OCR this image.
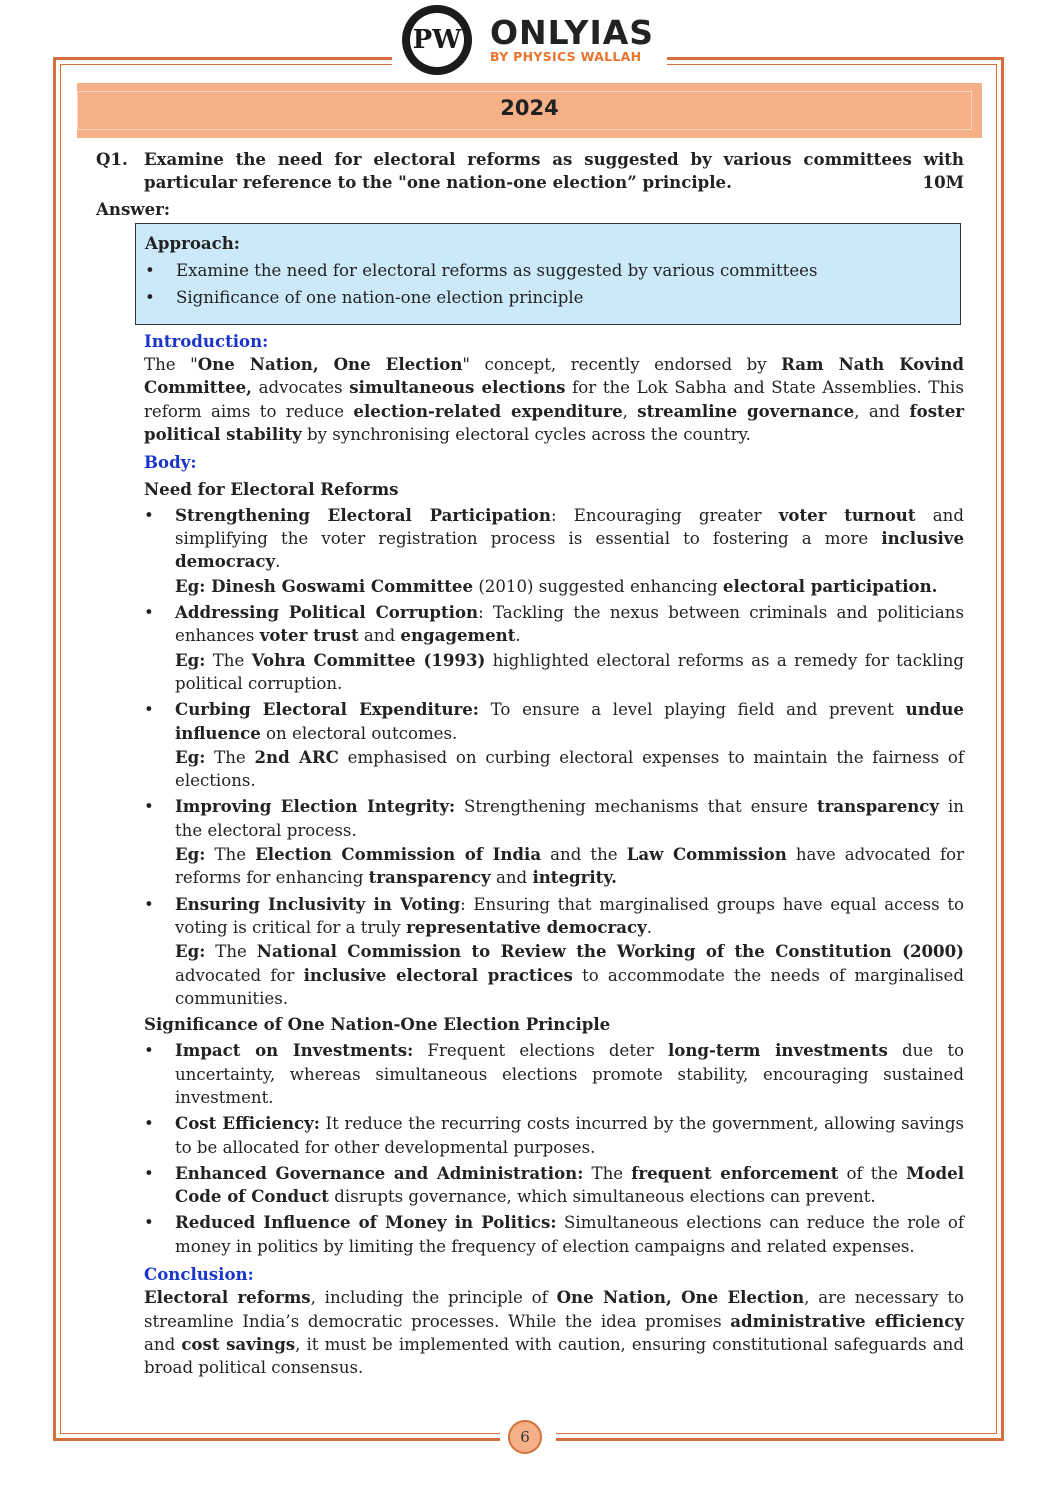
PW ONLYIAS
BY PHYSICS WALLAH
2024
Q1. Examine the need for electoral reforms as suggested by various committees with
particular reference to the "one nation-one election” principle.	10M
Answer:
Approach:
• Examine the need for electoral reforms as suggested by various committees
• Significance of one nation-one election principle
Introduction:
The "One Nation, One Election" concept, recently endorsed by Ram Nath Kovind Committee, advocates simultaneous elections for the Lok Sabha and State Assemblies. This reform aims to reduce election-related expenditure, streamline governance, and foster political stability by synchronising electoral cycles across the country.
Body:
Need for Electoral Reforms
• Strengthening Electoral Participation: Encouraging greater voter turnout and simplifying the voter registration process is essential to fostering a more inclusive democracy.
Eg: Dinesh Goswami Committee (2010) suggested enhancing electoral participation.
• Addressing Political Corruption: Tackling the nexus between criminals and politicians enhances voter trust and engagement.
Eg: The Vohra Committee (1993) highlighted electoral reforms as a remedy for tackling political corruption.
• Curbing Electoral Expenditure: To ensure a level playing field and prevent undue influence on electoral outcomes.
Eg: The 2nd ARC emphasised on curbing electoral expenses to maintain the fairness of elections.
• Improving Election Integrity: Strengthening mechanisms that ensure transparency in the electoral process.
Eg: The Election Commission of India and the Law Commission have advocated for reforms for enhancing transparency and integrity.
• Ensuring Inclusivity in Voting: Ensuring that marginalised groups have equal access to voting is critical for a truly representative democracy.
Eg: The National Commission to Review the Working of the Constitution (2000) advocated for inclusive electoral practices to accommodate the needs of marginalised communities.
Significance of One Nation-One Election Principle
• Impact on Investments: Frequent elections deter long-term investments due to uncertainty, whereas simultaneous elections promote stability, encouraging sustained investment.
• Cost Efficiency: It reduce the recurring costs incurred by the government, allowing savings to be allocated for other developmental purposes.
• Enhanced Governance and Administration: The frequent enforcement of the Model Code of Conduct disrupts governance, which simultaneous elections can prevent.
• Reduced Influence of Money in Politics: Simultaneous elections can reduce the role of money in politics by limiting the frequency of election campaigns and related expenses.
Conclusion:
Electoral reforms, including the principle of One Nation, One Election, are necessary to streamline India’s democratic processes. While the idea promises administrative efficiency and cost savings, it must be implemented with caution, ensuring constitutional safeguards and broad political consensus.
6
